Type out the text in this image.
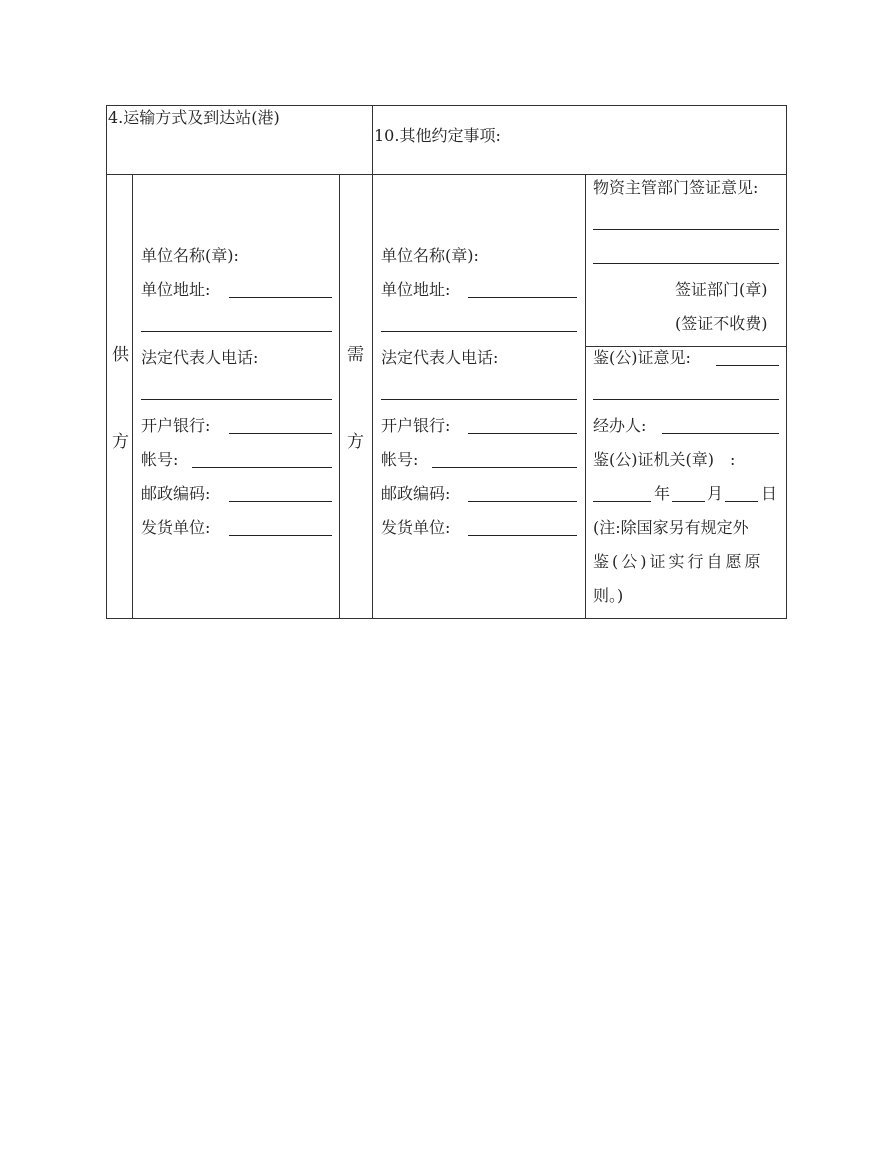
4.运输方式及到达站(港)
10.其他约定事项:
供
方
单位名称(章):
单位地址:
法定代表人电话:
开户银行:
帐号:
邮政编码:
发货单位:
需
方
单位名称(章):
单位地址:
法定代表人电话:
开户银行:
帐号:
邮政编码:
发货单位:
物资主管部门签证意见:
签证部门(章)
(签证不收费)
鉴(公)证意见:
经办人:
鉴(公)证机关(章)　:
年 月 日
(注:除国家另有规定外
鉴(公)证实行自愿原
则。)
